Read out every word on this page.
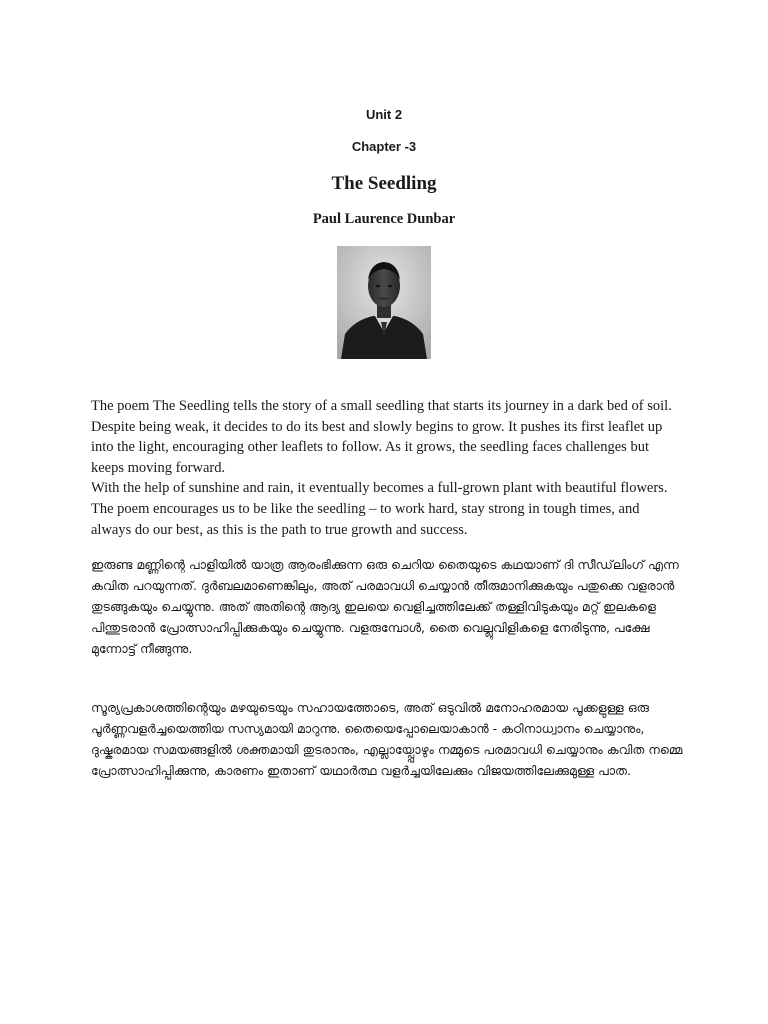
Unit 2
Chapter -3
The Seedling
Paul Laurence Dunbar

The poem The Seedling tells the story of a small seedling that starts its journey in a dark bed of soil. Despite being weak, it decides to do its best and slowly begins to grow. It pushes its first leaflet up into the light, encouraging other leaflets to follow. As it grows, the seedling faces challenges but keeps moving forward.

With the help of sunshine and rain, it eventually becomes a full-grown plant with beautiful flowers. The poem encourages us to be like the seedling – to work hard, stay strong in tough times, and always do our best, as this is the path to true growth and success.

ഇരുണ്ട മണ്ണിന്റെ പാളിയിൽ യാത്ര ആരംഭിക്കുന്ന ഒരു ചെറിയ തൈയുടെ കഥയാണ് ദി സീഡ്‌ലിംഗ് എന്ന കവിത പറയുന്നത്. ദുർബലമാണെങ്കിലും, അത് പരമാവധി ചെയ്യാൻ തീരുമാനിക്കുകയും പതുക്കെ വളരാൻ തുടങ്ങുകയും ചെയ്യുന്നു. അത് അതിന്റെ ആദ്യ ഇലയെ വെളിച്ചത്തിലേക്ക് തള്ളിവിടുകയും മറ്റ് ഇലകളെ പിന്തുടരാൻ പ്രോത്സാഹിപ്പിക്കുകയും ചെയ്യുന്നു. വളരുമ്പോൾ, തൈ വെല്ലുവിളികളെ നേരിടുന്നു, പക്ഷേ മുന്നോട്ട് നീങ്ങുന്നു.

സൂര്യപ്രകാശത്തിന്റെയും മഴയുടെയും സഹായത്തോടെ, അത് ഒടുവിൽ മനോഹരമായ പൂക്കളുള്ള ഒരു പൂർണ്ണവളർച്ചയെത്തിയ സസ്യമായി മാറുന്നു. തൈയെപ്പോലെയാകാൻ - കഠിനാധ്വാനം ചെയ്യാനും, ദുഷ്കരമായ സമയങ്ങളിൽ ശക്തമായി തുടരാനും, എല്ലായ്പ്പോഴും നമ്മുടെ പരമാവധി ചെയ്യാനും കവിത നമ്മെ പ്രോത്സാഹിപ്പിക്കുന്നു, കാരണം ഇതാണ് യഥാർത്ഥ വളർച്ചയിലേക്കും വിജയത്തിലേക്കുമുള്ള പാത.
